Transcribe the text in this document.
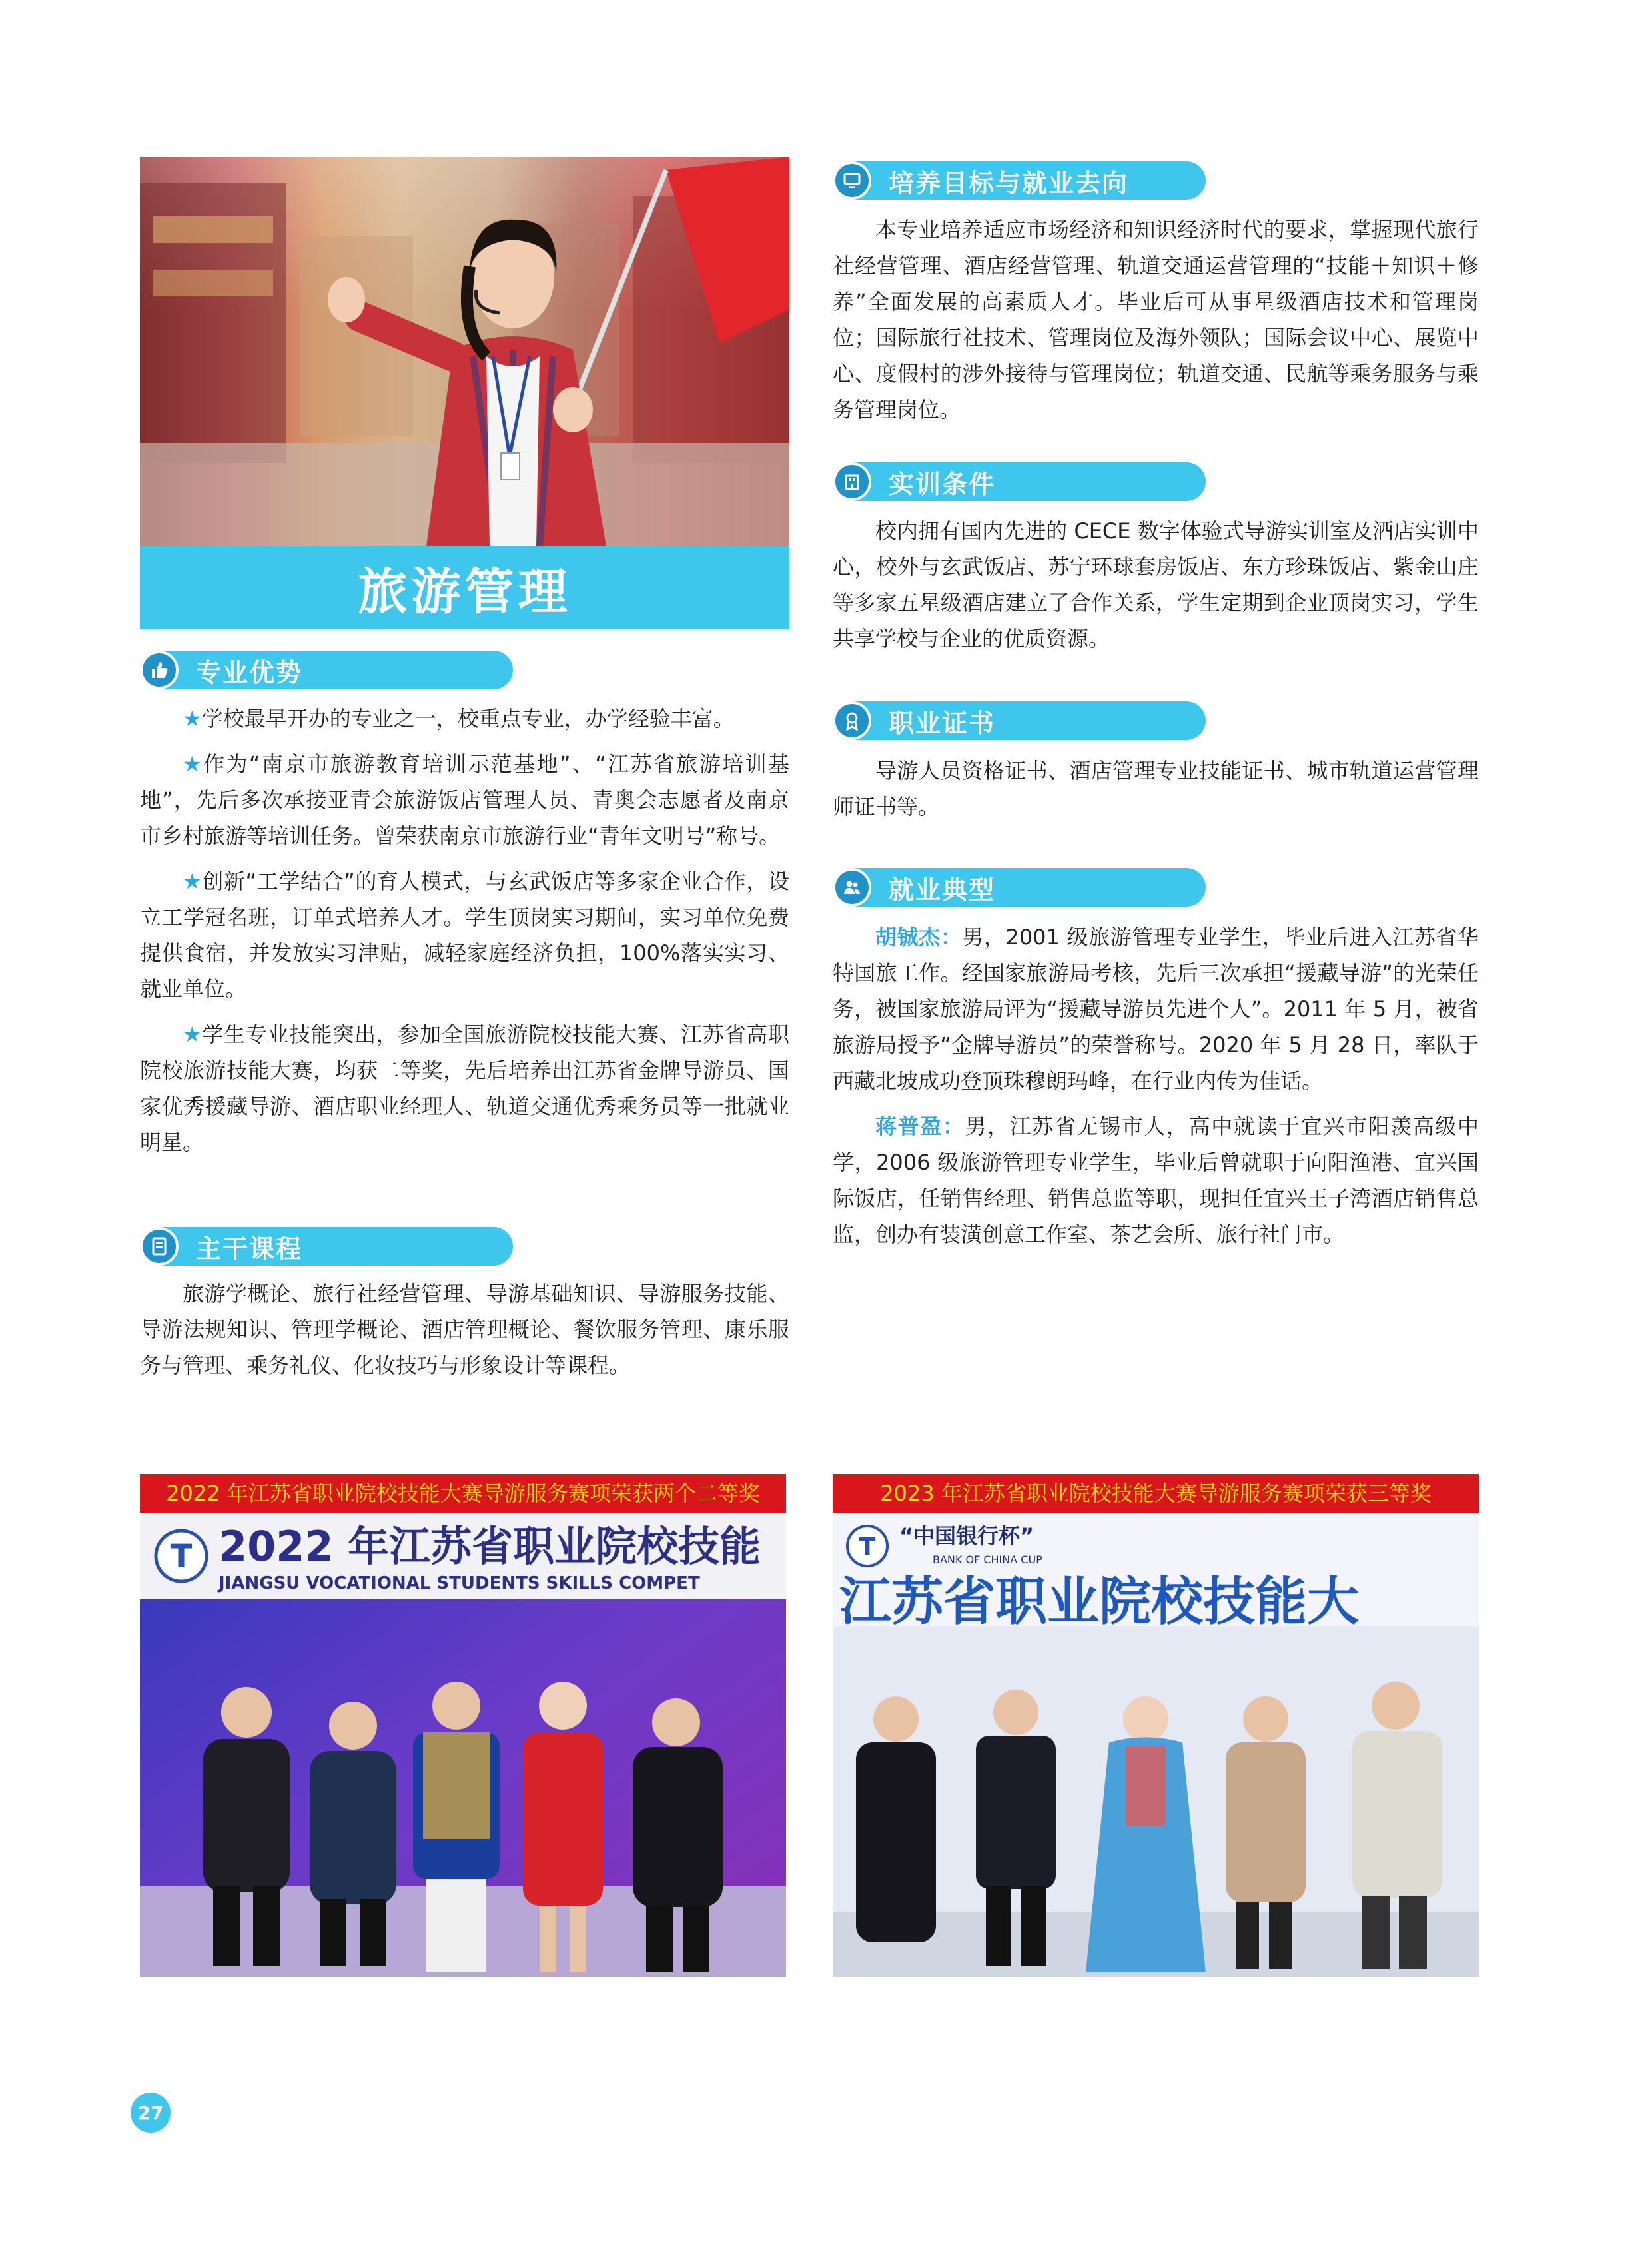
旅游管理
专业优势

★学校最早开办的专业之一，校重点专业，办学经验丰富。

★作为“南京市旅游教育培训示范基地”、“江苏省旅游培训基地”，先后多次承接亚青会旅游饭店管理人员、青奥会志愿者及南京市乡村旅游等培训任务。曾荣获南京市旅游行业“青年文明号”称号。

★创新“工学结合”的育人模式，与玄武饭店等多家企业合作，设立工学冠名班，订单式培养人才。学生顶岗实习期间，实习单位免费提供食宿，并发放实习津贴，减轻家庭经济负担，100%落实实习、就业单位。

★学生专业技能突出，参加全国旅游院校技能大赛、江苏省高职院校旅游技能大赛，均获二等奖，先后培养出江苏省金牌导游员、国家优秀援藏导游、酒店职业经理人、轨道交通优秀乘务员等一批就业明星。

主干课程

旅游学概论、旅行社经营管理、导游基础知识、导游服务技能、导游法规知识、管理学概论、酒店管理概论、餐饮服务管理、康乐服务与管理、乘务礼仪、化妆技巧与形象设计等课程。

培养目标与就业去向

本专业培养适应市场经济和知识经济时代的要求，掌握现代旅行社经营管理、酒店经营管理、轨道交通运营管理的“技能＋知识＋修养”全面发展的高素质人才。毕业后可从事星级酒店技术和管理岗位；国际旅行社技术、管理岗位及海外领队；国际会议中心、展览中心、度假村的涉外接待与管理岗位；轨道交通、民航等乘务服务与乘务管理岗位。

实训条件

校内拥有国内先进的 CECE 数字体验式导游实训室及酒店实训中心，校外与玄武饭店、苏宁环球套房饭店、东方珍珠饭店、紫金山庄等多家五星级酒店建立了合作关系，学生定期到企业顶岗实习，学生共享学校与企业的优质资源。

职业证书

导游人员资格证书、酒店管理专业技能证书、城市轨道运营管理师证书等。

就业典型

胡铖杰：男，2001 级旅游管理专业学生，毕业后进入江苏省华特国旅工作。经国家旅游局考核，先后三次承担“援藏导游”的光荣任务，被国家旅游局评为“援藏导游员先进个人”。2011 年 5 月，被省旅游局授予“金牌导游员”的荣誉称号。2020 年 5 月 28 日，率队于西藏北坡成功登顶珠穆朗玛峰，在行业内传为佳话。

蒋普盈：男，江苏省无锡市人，高中就读于宜兴市阳羡高级中学，2006 级旅游管理专业学生，毕业后曾就职于向阳渔港、宜兴国际饭店，任销售经理、销售总监等职，现担任宜兴王子湾酒店销售总监，创办有装潢创意工作室、茶艺会所、旅行社门市。

2022 年江苏省职业院校技能大赛导游服务赛项荣获两个二等奖
T 2022 年江苏省职业院校技能
JIANGSU VOCATIONAL STUDENTS SKILLS COMPET
2023 年江苏省职业院校技能大赛导游服务赛项荣获三等奖
T “中国银行杯”
BANK OF CHINA CUP
江苏省职业院校技能大
27
